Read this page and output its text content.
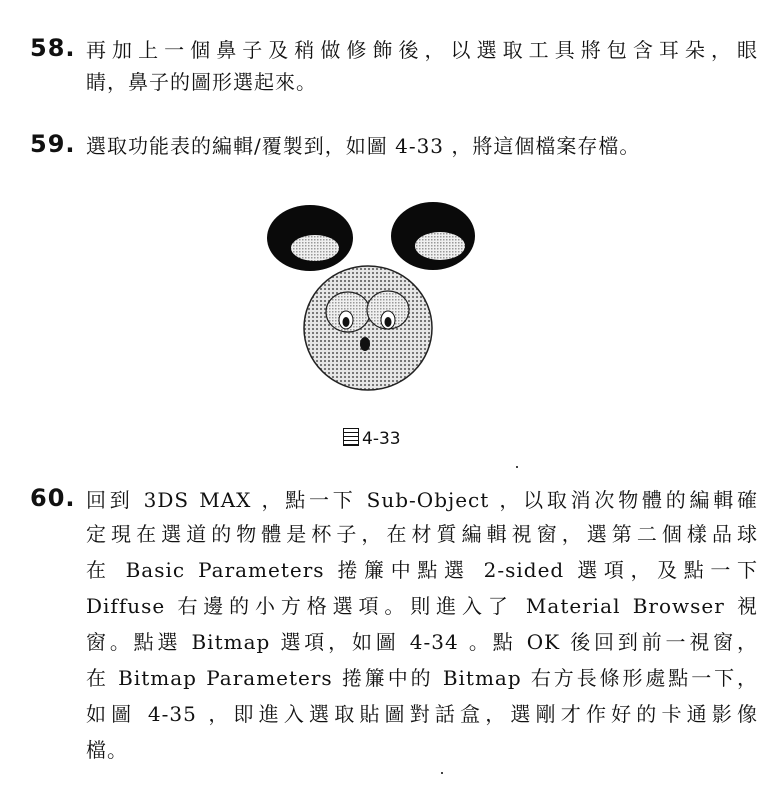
58. 再加上一個鼻子及稍做修飾後，以選取工具將包含耳朵，眼
睛，鼻子的圖形選起來。
59. 選取功能表的編輯/覆製到，如圖 4-33 ，將這個檔案存檔。
4-33
60. 回到 3DS MAX ，點一下 Sub-Object ，以取消次物體的編輯確
定現在選道的物體是杯子，在材質編輯視窗，選第二個樣品球
在 Basic Parameters 捲簾中點選 2-sided 選項，及點一下
Diffuse 右邊的小方格選項。則進入了 Material Browser 視
窗。點選 Bitmap 選項，如圖 4-34 。點 OK 後回到前一視窗，
在 Bitmap Parameters 捲簾中的 Bitmap 右方長條形處點一下，
如圖 4-35 ，即進入選取貼圖對話盒，選剛才作好的卡通影像
檔。
